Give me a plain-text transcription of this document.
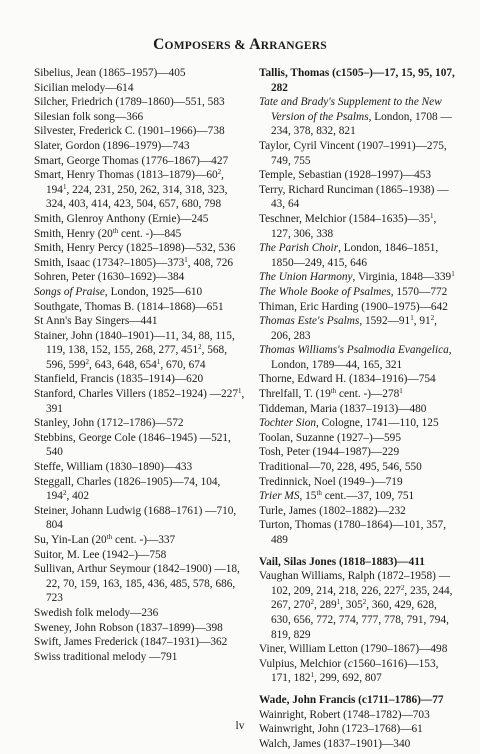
COMPOSERS & ARRANGERS
Sibelius, Jean (1865–1957)—405
Sicilian melody—614
Silcher, Friedrich (1789–1860)—551, 583
Silesian folk song—366
Silvester, Frederick C. (1901–1966)—738
Slater, Gordon (1896–1979)—743
Smart, George Thomas (1776–1867)—427
Smart, Henry Thomas $(1813-1879)—60^2$, $194^1$, 224, 231, 250, 262, 314, 318, 323, 324, 403, 414, 423, 504, 657, 680, 798
Smith, Glenroy Anthony (Ernie)—245
Smith, Henry (20th cent. -)—845
Smith, Henry Percy (1825–1898)—532, 536
Smith, Isaac $(1734?-1805)—373^1$, 408, 726
Sohren, Peter (1630–1692)—384
Songs of Praise, London, 1925—610
Southgate, Thomas B. (1814–1868)—651
St Ann's Bay Singers—441
Stainer, John (1840–1901)—11, 34, 88, 115, 119, 138, 152, 155, 268, 277, $451^2$, 568, 596, $599^2$, 643, 648, $654^1$, 670, 674
Stanfield, Francis (1835–1914)—620
Stanford, Charles Villers (1852–1924) $—227^1$, 391
Stanley, John (1712–1786)—572
Stebbins, George Cole (1846–1945) —521, 540
Steffe, William (1830–1890)—433
Steggall, Charles (1826–1905)—74, 104, $194^2$, 402
Steiner, Johann Ludwig (1688–1761) —710, 804
Su, Yin-Lan (20th cent. -)—337
Suitor, M. Lee (1942–)—758
Sullivan, Arthur Seymour (1842–1900) —18, 22, 70, 159, 163, 185, 436, 485, 578, 686, 723
Swedish folk melody—236
Sweney, John Robson (1837–1899)—398
Swift, James Frederick (1847–1931)—362
Swiss traditional melody —791
Tallis, Thomas (c1505–)—17, 15, 95, 107, 282
Tate and Brady's Supplement to the New Version of the Psalms, London, 1708 —234, 378, 832, 821
Taylor, Cyril Vincent (1907–1991)—275, 749, 755
Temple, Sebastian (1928–1997)—453
Terry, Richard Runciman (1865–1938) —43, 64
Teschner, Melchior $(1584-1635)—35^1$, 127, 306, 338
The Parish Choir, London, 1846–1851, 1850—249, 415, 646
The Union Harmony, Virginia, $1848—339^1$
The Whole Booke of Psalmes, 1570—772
Thiman, Eric Harding (1900–1975)—642
Thomas Este's Psalms, $1592—91^1$, $91^2$, 206, 283
Thomas Williams's Psalmodia Evangelica, London, 1789—44, 165, 321
Thorne, Edward H. (1834–1916)—754
Threlfall, T. (19th cent. $-)—278^1$
Tiddeman, Maria (1837–1913)—480
Tochter Sion, Cologne, 1741—110, 125
Toolan, Suzanne (1927–)—595
Tosh, Peter (1944–1987)—229
Traditional—70, 228, 495, 546, 550
Tredinnick, Noel (1949–)—719
Trier MS, 15th cent.—37, 109, 751
Turle, James (1802–1882)—232
Turton, Thomas (1780–1864)—101, 357, 489
Vail, Silas Jones (1818–1883)—411
Vaughan Williams, Ralph (1872–1958) —102, 209, 214, 218, 226, $227^2$, 235, 244, 267, $270^2$, $289^1$, $305^2$, 360, 429, 628, 630, 656, 772, 774, 777, 778, 791, 794, 819, 829
Viner, William Letton (1790–1867)—498
Vulpius, Melchior (c1560–1616)—153, 171, $182^1$, 299, 692, 807
Wade, John Francis (c1711–1786)—77
Wainright, Robert (1748–1782)—703
Wainwright, John (1723–1768)—61
Walch, James (1837–1901)—340
lv
